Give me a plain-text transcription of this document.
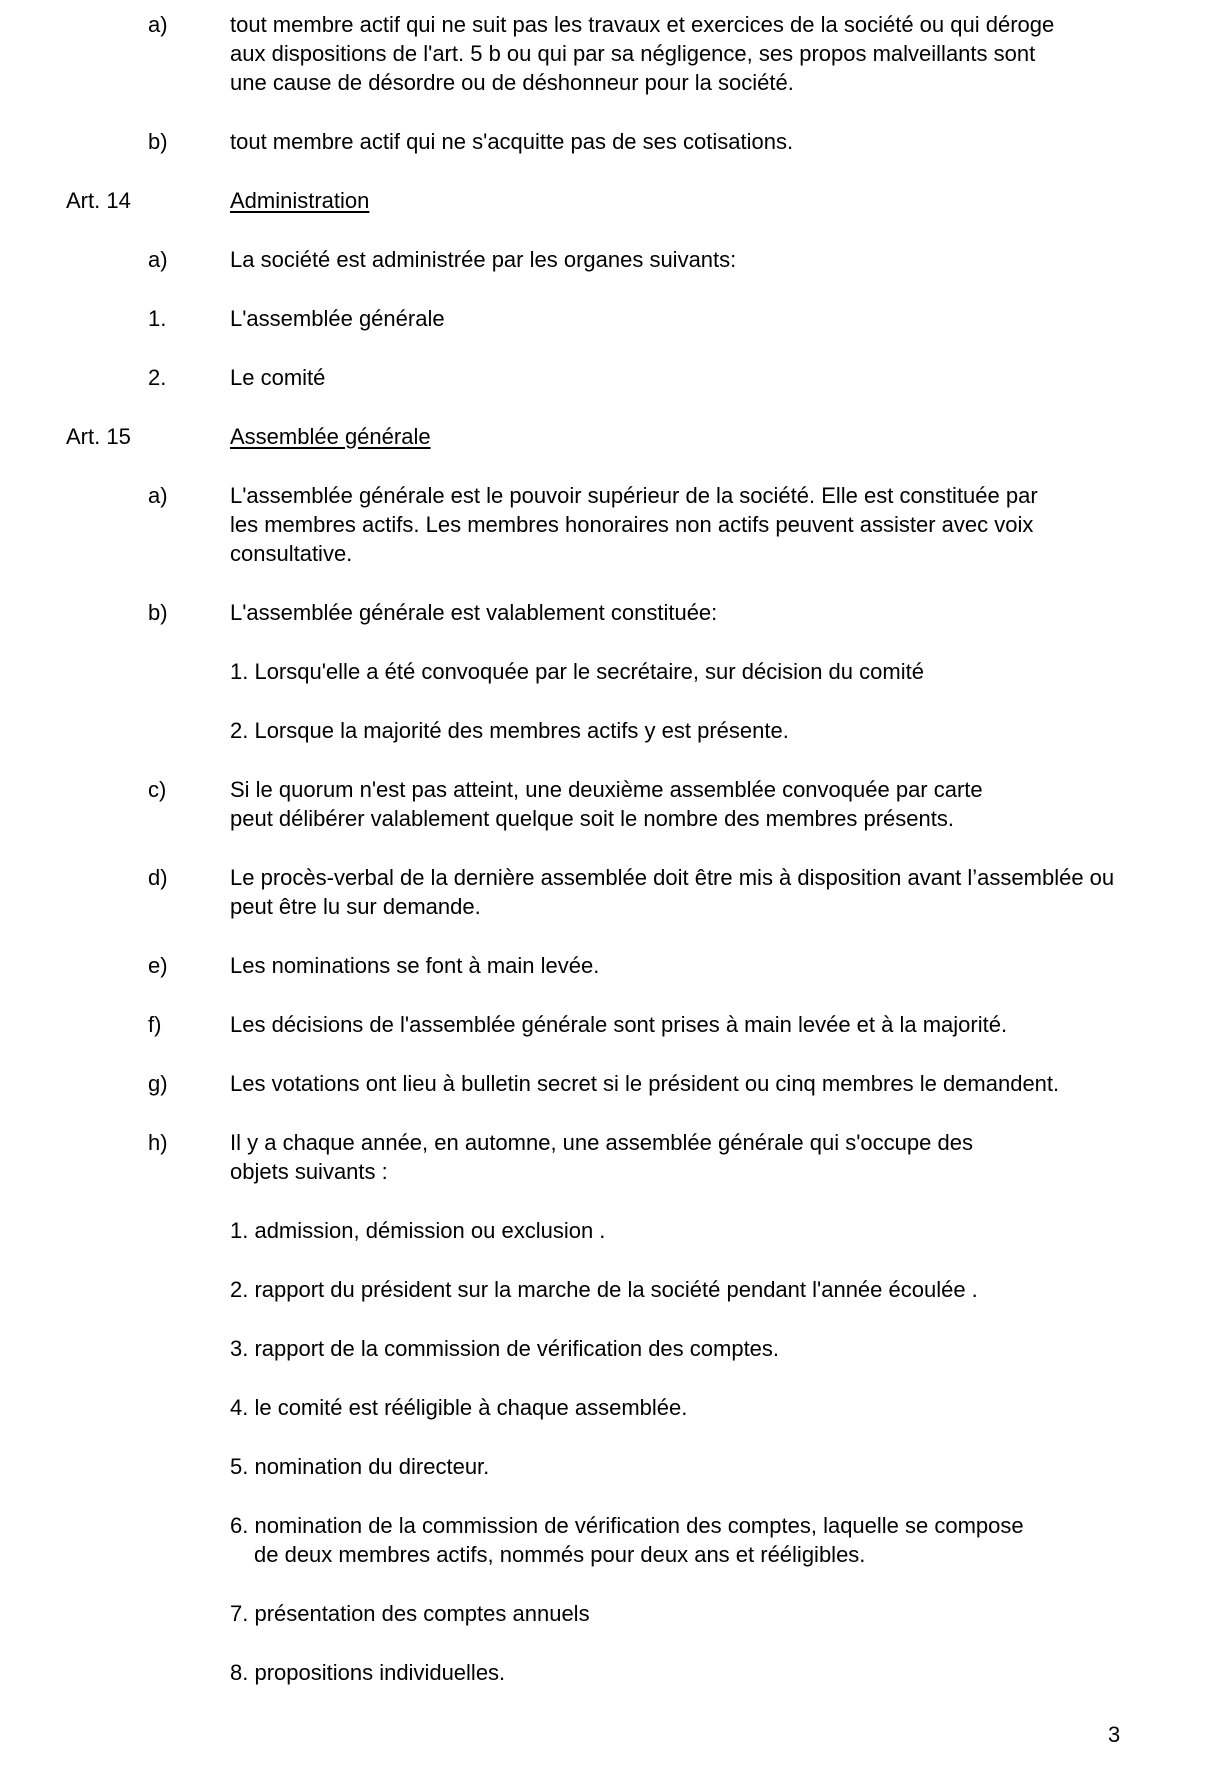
a)	tout membre actif qui ne suit pas les travaux et exercices de la société ou qui déroge aux dispositions de l'art. 5 b ou qui par sa négligence, ses propos malveillants sont une cause de désordre ou de déshonneur pour la société.
b)	tout membre actif qui ne s'acquitte pas de ses cotisations.
Art. 14	Administration
a)	La société est administrée par les organes suivants:
1.	L'assemblée générale
2.	Le comité
Art. 15	Assemblée générale
a)	L'assemblée générale est le pouvoir supérieur de la société. Elle est constituée par les membres actifs. Les membres honoraires non actifs peuvent assister avec voix consultative.
b)	L'assemblée générale est valablement constituée:
1. Lorsqu'elle a été convoquée par le secrétaire, sur décision du comité
2. Lorsque la majorité des membres actifs y est présente.
c)	Si le quorum n'est pas atteint, une deuxième assemblée convoquée par carte peut délibérer valablement quelque soit le nombre des membres présents.
d)	Le procès-verbal de la dernière assemblée doit être mis à disposition avant l’assemblée ou peut être lu sur demande.
e)	Les nominations se font à main levée.
f)	Les décisions de l'assemblée générale sont prises à main levée et à la majorité.
g)	Les votations ont lieu à bulletin secret si le président ou cinq membres le demandent.
h)	Il y a chaque année, en automne, une assemblée générale qui s'occupe des objets suivants :
1. admission, démission ou exclusion .
2. rapport du président sur la marche de la société pendant l'année écoulée .
3. rapport de la commission de vérification des comptes.
4. le comité est rééligible à chaque assemblée.
5. nomination du directeur.
6. nomination de la commission de vérification des comptes, laquelle se compose de deux membres actifs, nommés pour deux ans et rééligibles.
7. présentation des comptes annuels
8. propositions individuelles.
3
